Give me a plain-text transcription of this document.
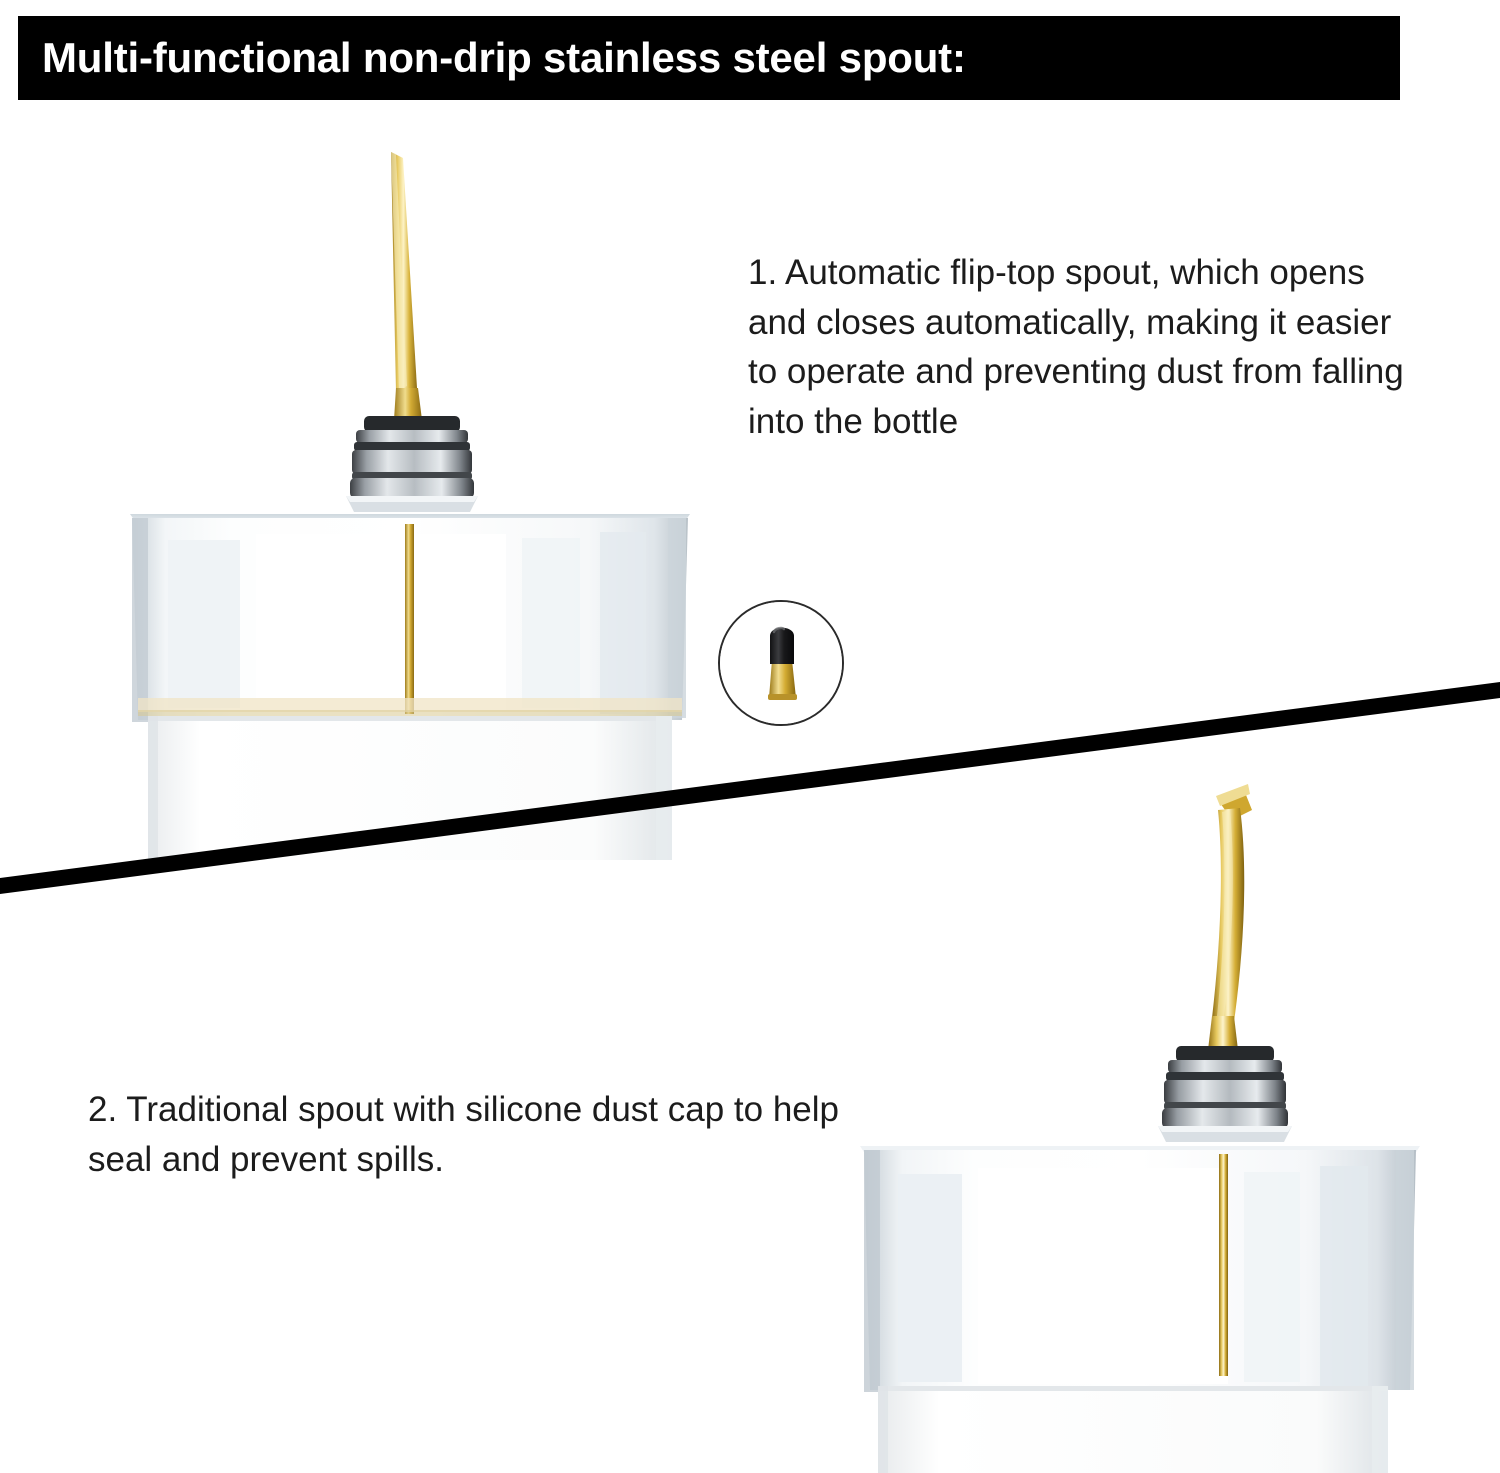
Multi-functional non-drip stainless steel spout:
1. Automatic flip-top spout, which opens and closes automatically, making it easier to operate and preventing dust from falling into the bottle
2. Traditional spout with silicone dust cap to help seal and prevent spills.
